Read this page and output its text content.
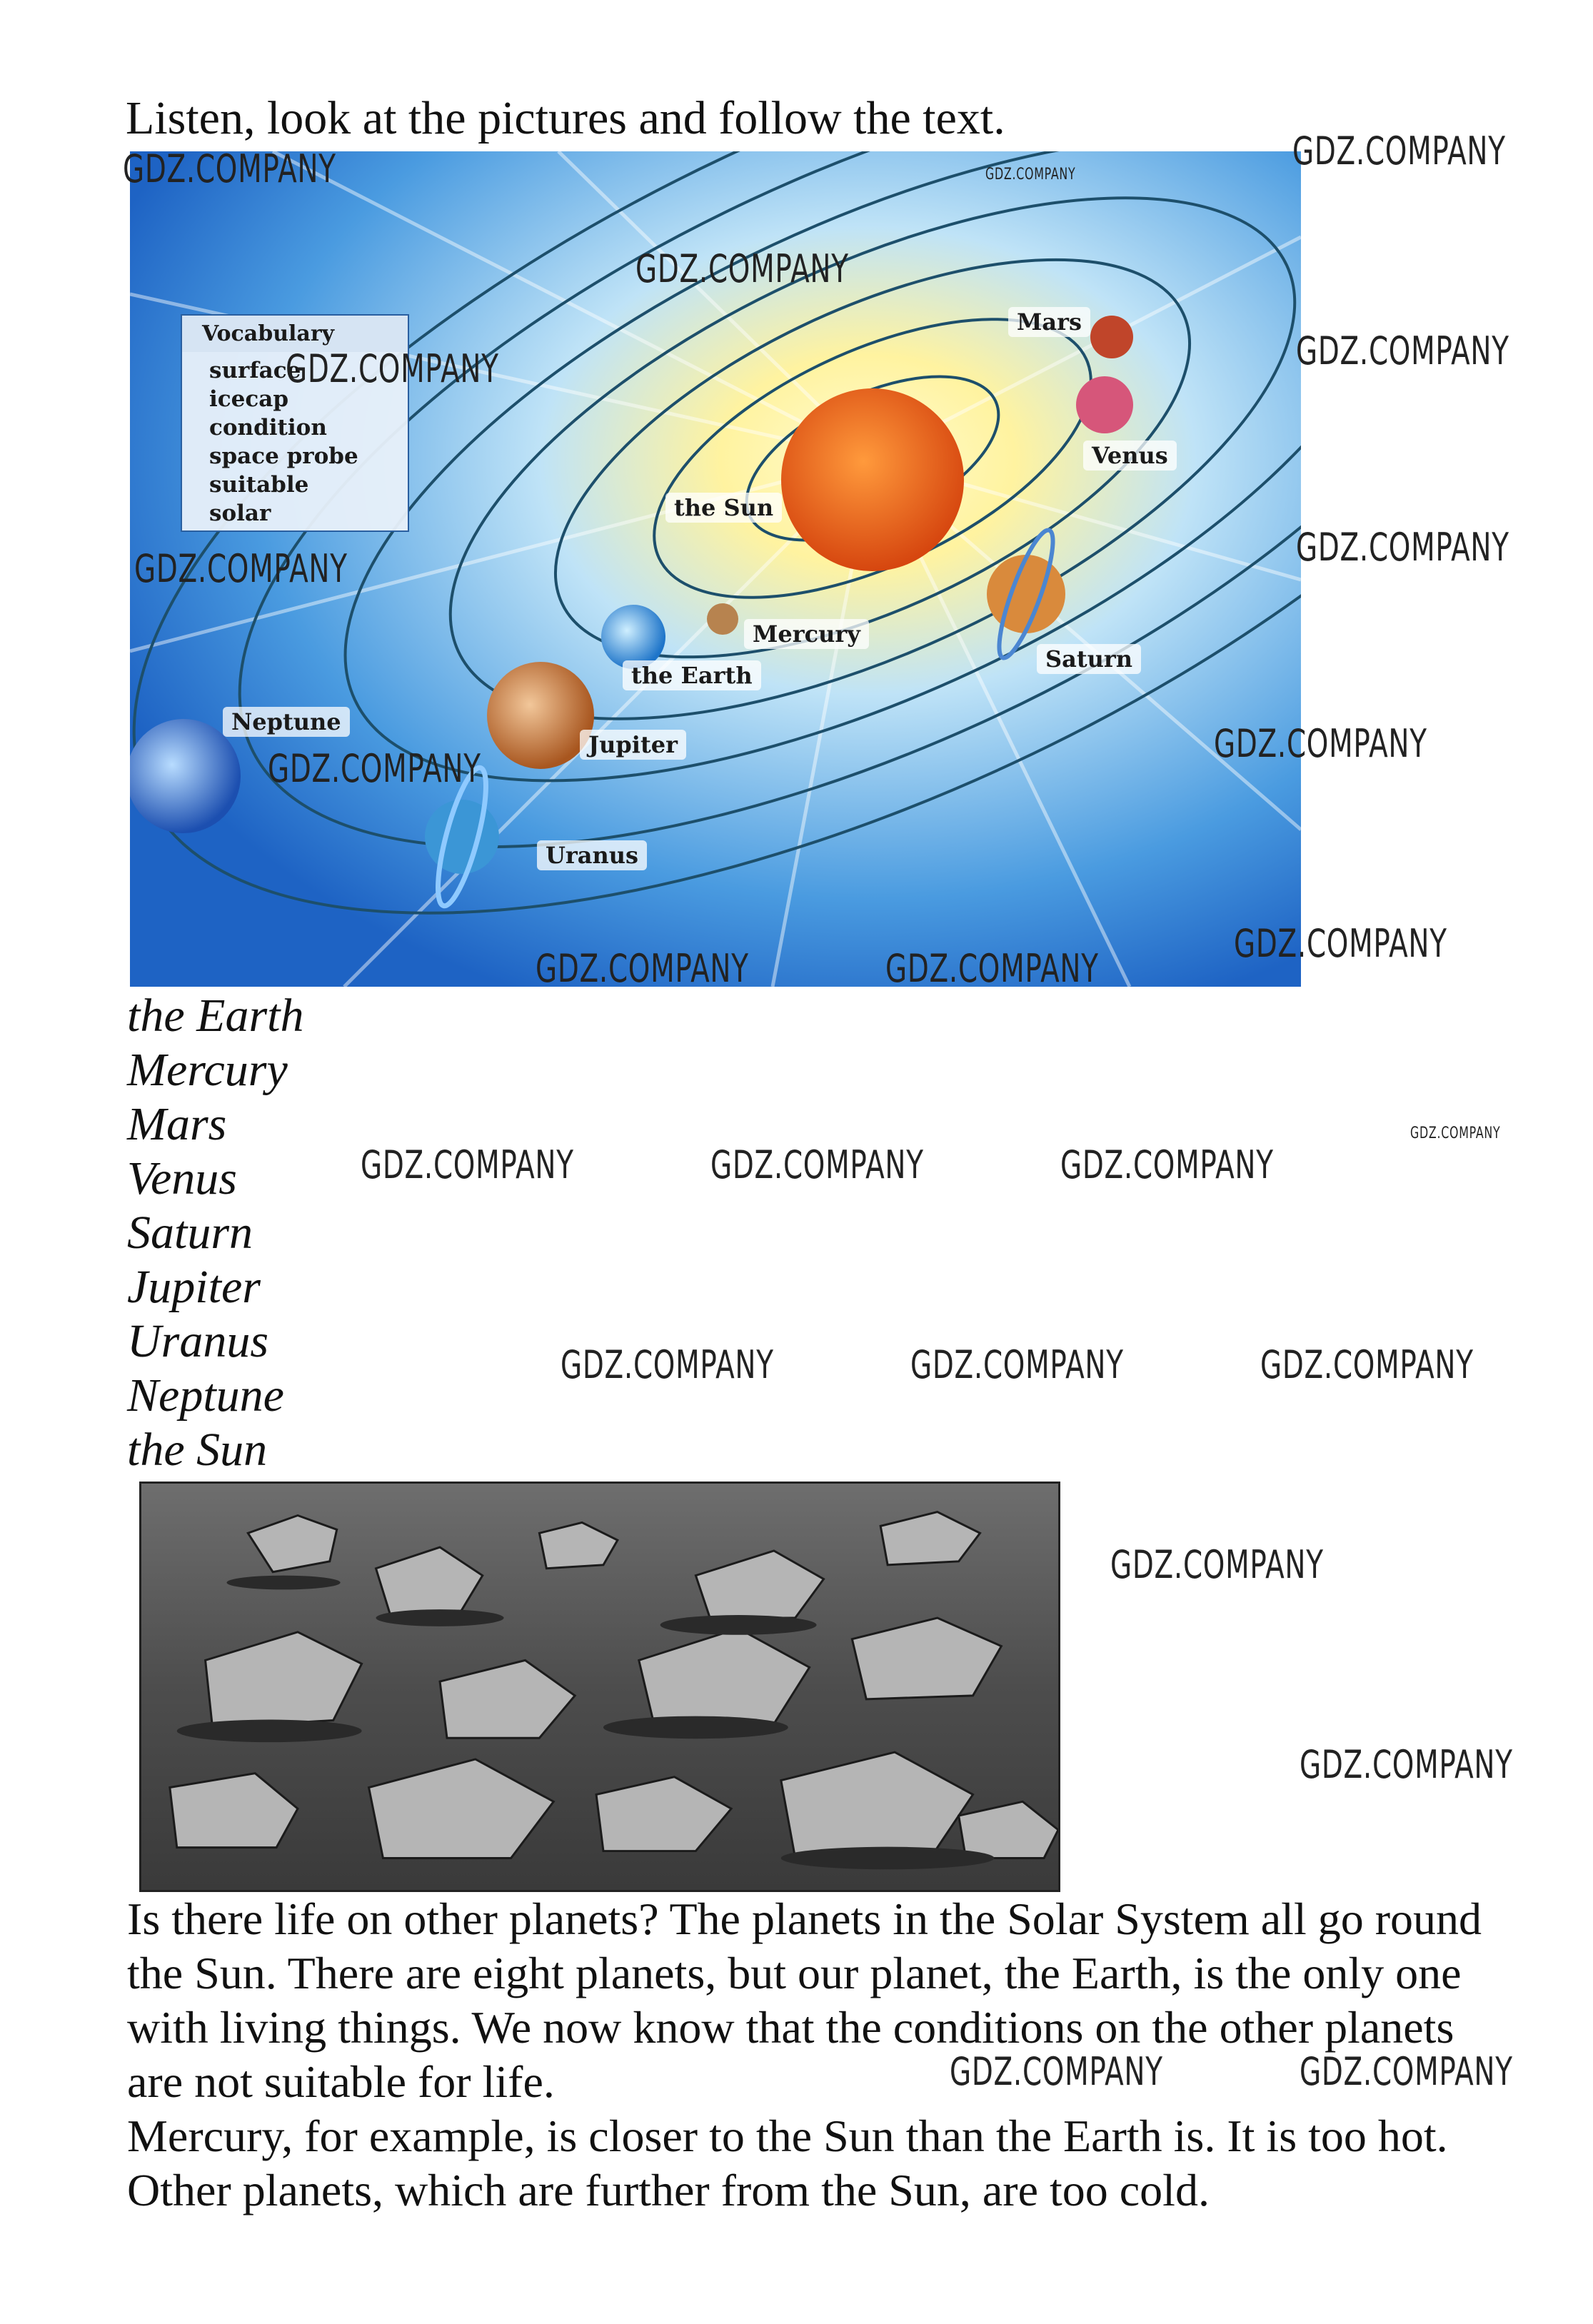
Listen, look at the pictures and follow the text.
Vocabulary
surface
icecap
condition
space probe
suitable
solar
Mars
Venus
the Sun
Mercury
the Earth
Saturn
Neptune
Jupiter
Uranus
the Earth
Mercury
Mars
Venus
Saturn
Jupiter
Uranus
Neptune
the Sun

Is there life on other planets? The planets in the Solar System all go round the Sun. There are eight planets, but our planet, the Earth, is the only one with living things. We now know that the conditions on the other planets are not suitable for life.

Mercury, for example, is closer to the Sun than the Earth is. It is too hot. Other planets, which are further from the Sun, are too cold.

GDZ.COMPANY	GDZ.COMPANY
GDZ.COMPANY
GDZ.COMPANY
GDZ.COMPANY	GDZ.COMPANY
GDZ.COMPANY	GDZ.COMPANY
GDZ.COMPANY
GDZ.COMPANY
GDZ.COMPANY	GDZ.COMPANY
GDZ.COMPANY
GDZ.COMPANY	GDZ.COMPANY	GDZ.COMPANY
GDZ.COMPANY
GDZ.COMPANY	GDZ.COMPANY	GDZ.COMPANY
GDZ.COMPANY
GDZ.COMPANY
GDZ.COMPANY	GDZ.COMPANY
